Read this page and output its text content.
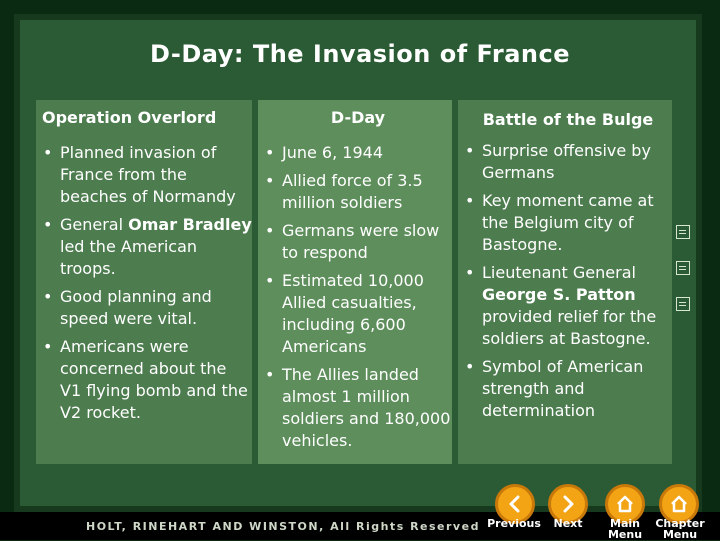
D-Day: The Invasion of France
Operation Overlord
• Planned invasion of France from the beaches of Normandy
• General Omar Bradley led the American troops.
• Good planning and speed were vital.
• Americans were concerned about the V1 flying bomb and the V2 rocket.
D-Day
• June 6, 1944
• Allied force of 3.5 million soldiers
• Germans were slow to respond
• Estimated 10,000 Allied casualties, including 6,600 Americans
• The Allies landed almost 1 million soldiers and 180,000 vehicles.
Battle of the Bulge
• Surprise offensive by Germans
• Key moment came at the Belgium city of Bastogne.
• Lieutenant General George S. Patton provided relief for the soldiers at Bastogne.
• Symbol of American strength and determination
HOLT, RINEHART AND WINSTON, All Rights Reserved Previous	Next	Main
Menu
Chapter
Menu
